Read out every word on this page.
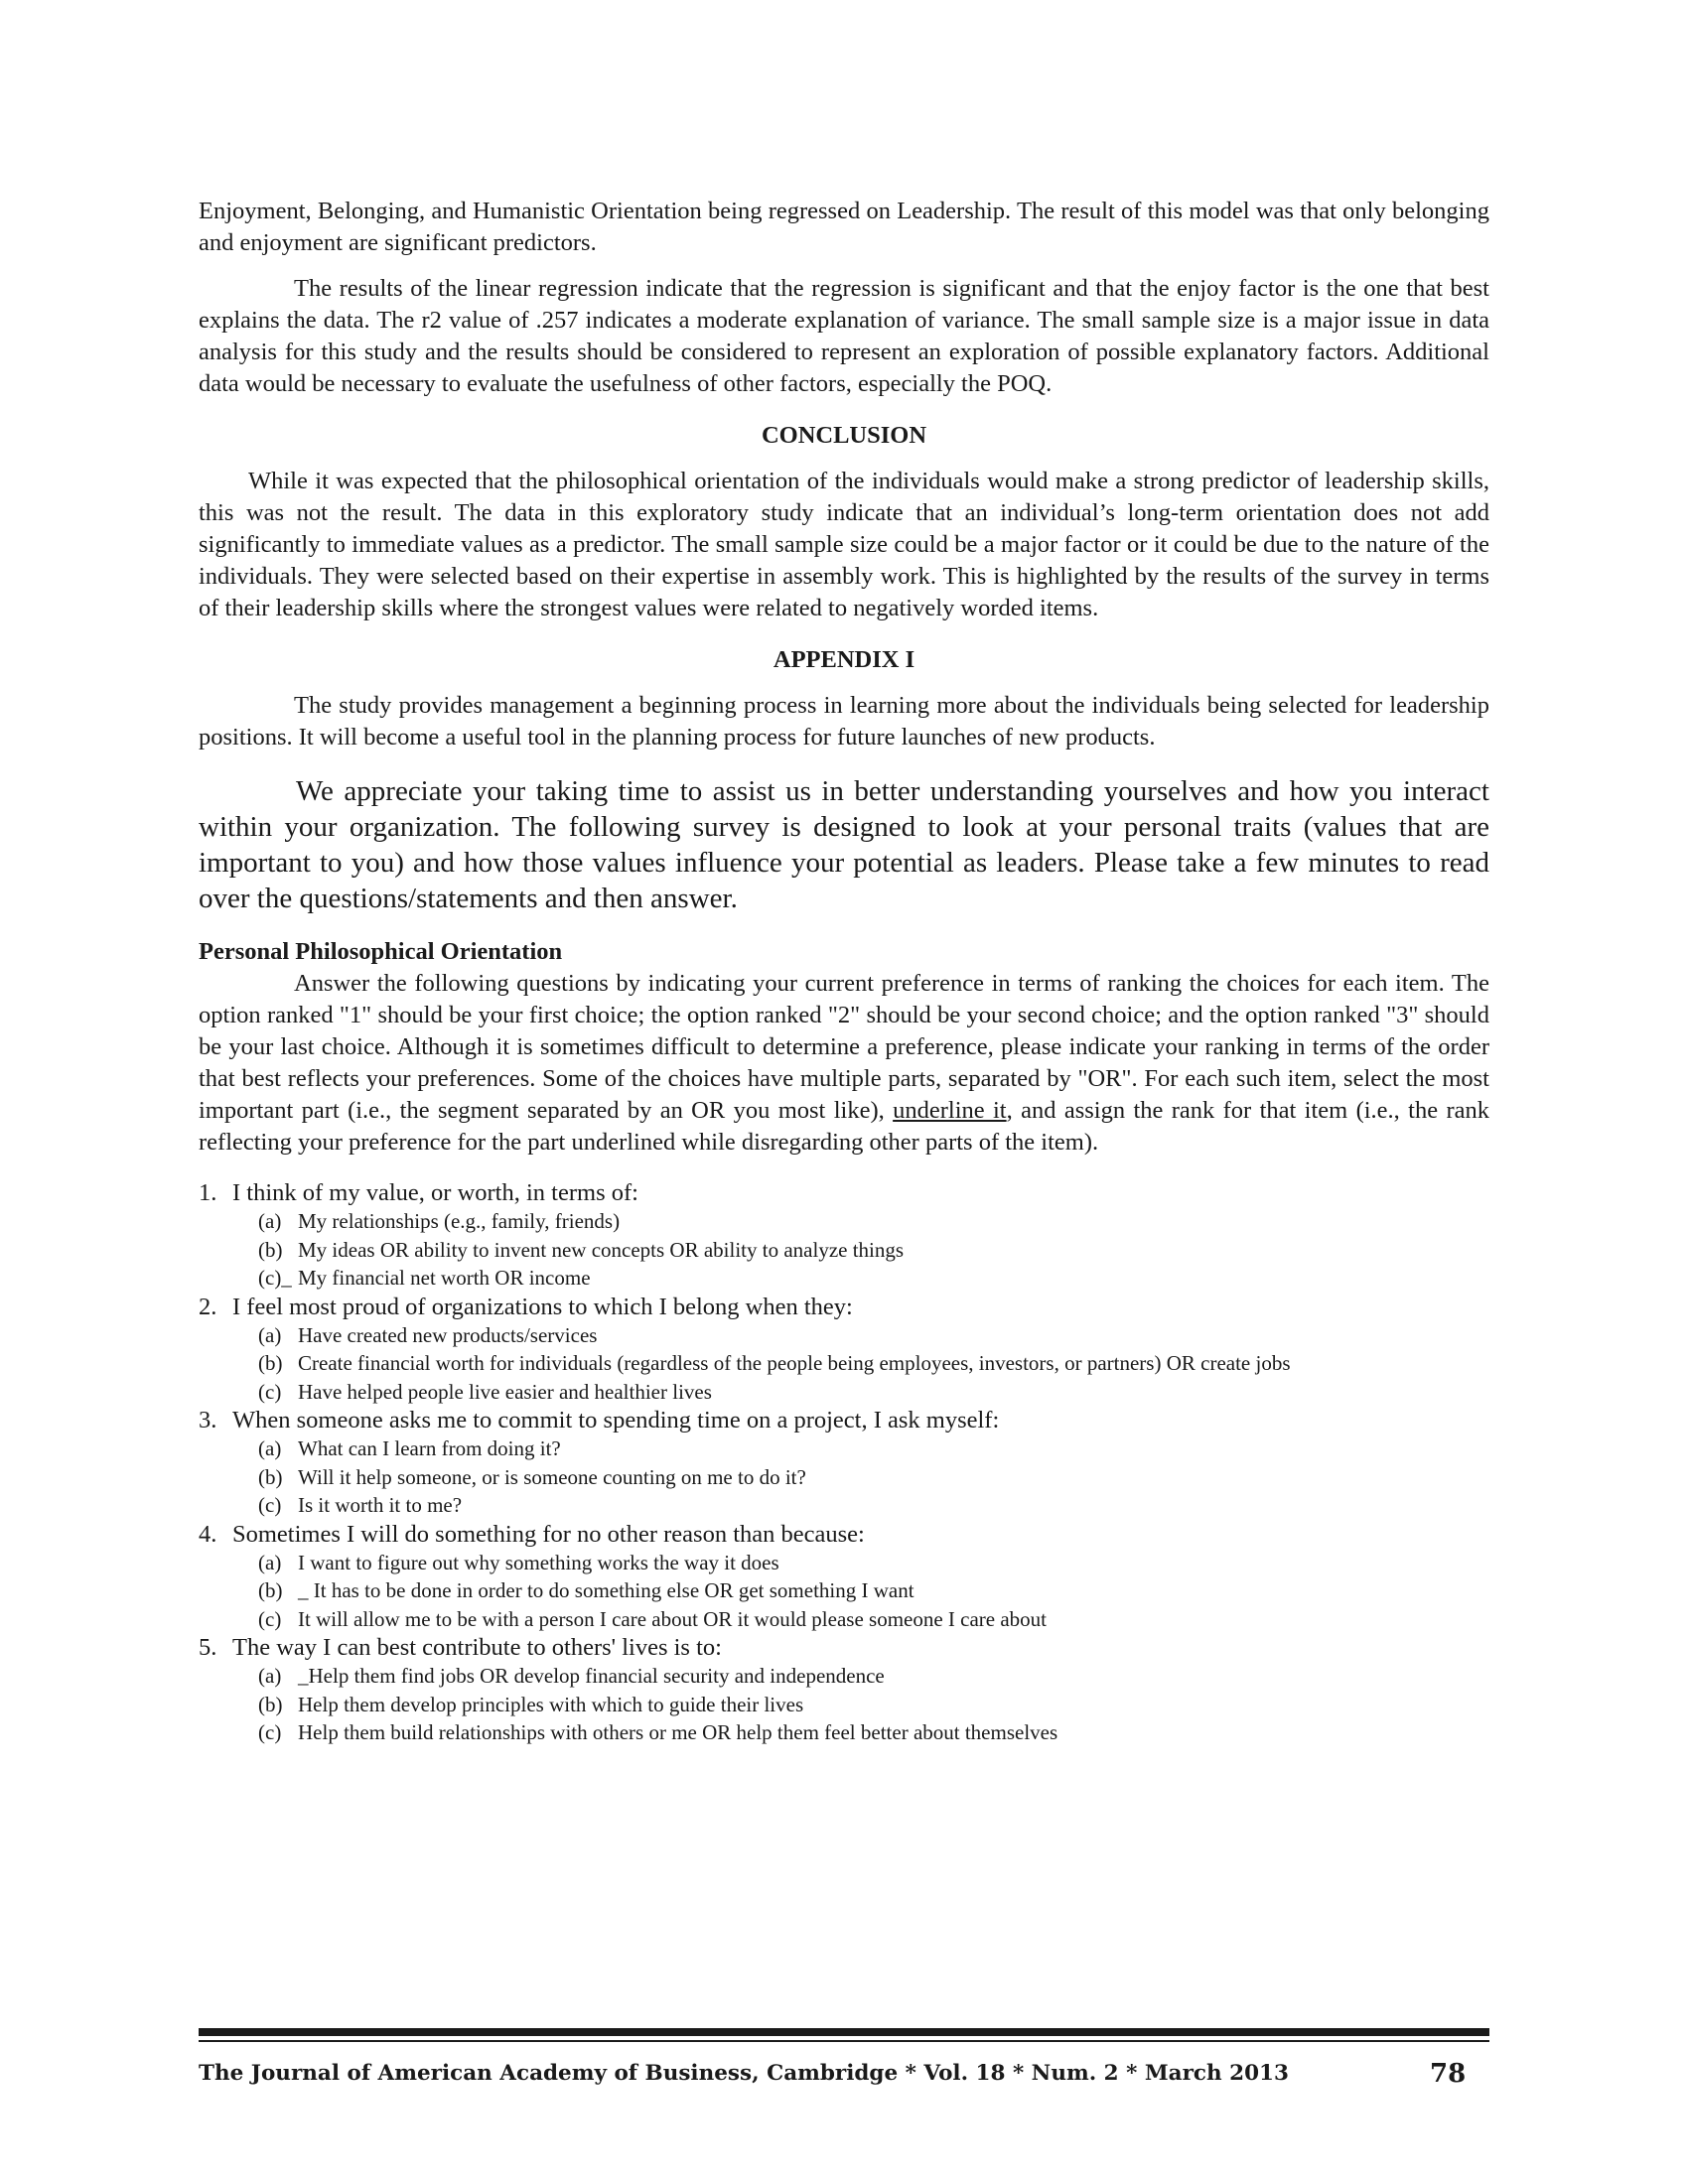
Enjoyment, Belonging, and Humanistic Orientation being regressed on Leadership. The result of this model was that only belonging and enjoyment are significant predictors.

The results of the linear regression indicate that the regression is significant and that the enjoy factor is the one that best explains the data. The r2 value of .257 indicates a moderate explanation of variance. The small sample size is a major issue in data analysis for this study and the results should be considered to represent an exploration of possible explanatory factors. Additional data would be necessary to evaluate the usefulness of other factors, especially the POQ.

CONCLUSION

While it was expected that the philosophical orientation of the individuals would make a strong predictor of leadership skills, this was not the result. The data in this exploratory study indicate that an individual’s long-term orientation does not add significantly to immediate values as a predictor. The small sample size could be a major factor or it could be due to the nature of the individuals. They were selected based on their expertise in assembly work. This is highlighted by the results of the survey in terms of their leadership skills where the strongest values were related to negatively worded items.

APPENDIX I

The study provides management a beginning process in learning more about the individuals being selected for leadership positions. It will become a useful tool in the planning process for future launches of new products.

We appreciate your taking time to assist us in better understanding yourselves and how you interact within your organization. The following survey is designed to look at your personal traits (values that are important to you) and how those values influence your potential as leaders. Please take a few minutes to read over the questions/statements and then answer.

Personal Philosophical Orientation

Answer the following questions by indicating your current preference in terms of ranking the choices for each item. The option ranked "1" should be your first choice; the option ranked "2" should be your second choice; and the option ranked "3" should be your last choice. Although it is sometimes difficult to determine a preference, please indicate your ranking in terms of the order that best reflects your preferences. Some of the choices have multiple parts, separated by "OR". For each such item, select the most important part (i.e., the segment separated by an OR you most like), underline it, and assign the rank for that item (i.e., the rank reflecting your preference for the part underlined while disregarding other parts of the item).

1. I think of my value, or worth, in terms of:
(a) My relationships (e.g., family, friends)
(b) My ideas OR ability to invent new concepts OR ability to analyze things
(c)_ My financial net worth OR income
2. I feel most proud of organizations to which I belong when they:
(a) Have created new products/services
(b) Create financial worth for individuals (regardless of the people being employees, investors, or partners) OR create jobs
(c) Have helped people live easier and healthier lives
3. When someone asks me to commit to spending time on a project, I ask myself:
(a) What can I learn from doing it?
(b) Will it help someone, or is someone counting on me to do it?
(c) Is it worth it to me?
4. Sometimes I will do something for no other reason than because:
(a) I want to figure out why something works the way it does
(b) _ It has to be done in order to do something else OR get something I want
(c) It will allow me to be with a person I care about OR it would please someone I care about
5. The way I can best contribute to others' lives is to:
(a) _Help them find jobs OR develop financial security and independence
(b) Help them develop principles with which to guide their lives
(c) Help them build relationships with others or me OR help them feel better about themselves
The Journal of American Academy of Business, Cambridge * Vol. 18 * Num. 2 * March 2013	78
